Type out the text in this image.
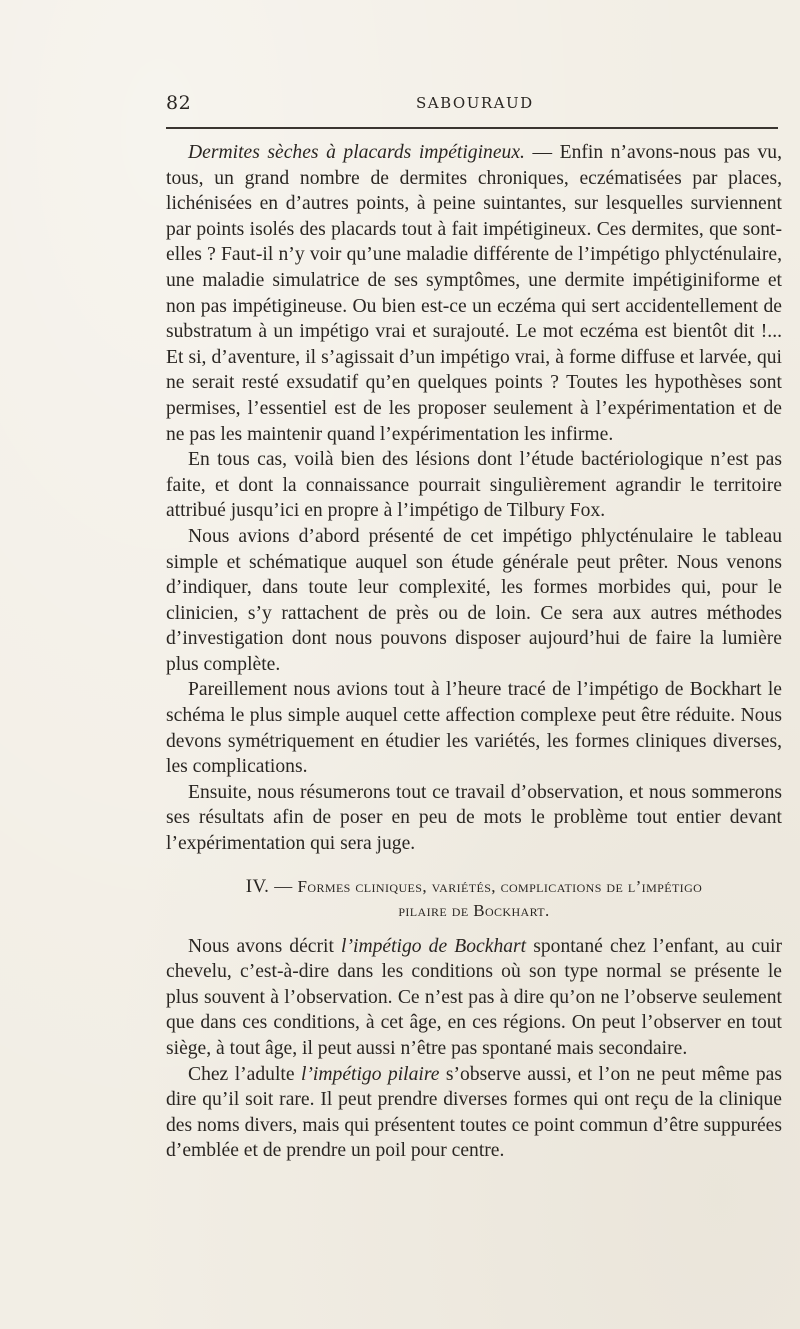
82	SABOURAUD

Dermites sèches à placards impétigineux. — Enfin n’avons-nous pas vu, tous, un grand nombre de dermites chroniques, eczématisées par places, lichénisées en d’autres points, à peine suintantes, sur lesquelles surviennent par points isolés des placards tout à fait impétigineux. Ces dermites, que sont-elles ? Faut-il n’y voir qu’une maladie différente de l’impétigo phlycténulaire, une maladie simulatrice de ses symptômes, une dermite impétiginiforme et non pas impétigineuse. Ou bien est-ce un eczéma qui sert accidentellement de substratum à un impétigo vrai et surajouté. Le mot eczéma est bientôt dit !... Et si, d’aventure, il s’agissait d’un impétigo vrai, à forme diffuse et larvée, qui ne serait resté exsudatif qu’en quelques points ? Toutes les hypothèses sont permises, l’essentiel est de les proposer seulement à l’expérimentation et de ne pas les maintenir quand l’expérimentation les infirme.

En tous cas, voilà bien des lésions dont l’étude bactériologique n’est pas faite, et dont la connaissance pourrait singulièrement agrandir le territoire attribué jusqu’ici en propre à l’impétigo de Tilbury Fox.

Nous avions d’abord présenté de cet impétigo phlycténulaire le tableau simple et schématique auquel son étude générale peut prêter. Nous venons d’indiquer, dans toute leur complexité, les formes morbides qui, pour le clinicien, s’y rattachent de près ou de loin. Ce sera aux autres méthodes d’investigation dont nous pouvons disposer aujourd’hui de faire la lumière plus complète.

Pareillement nous avions tout à l’heure tracé de l’impétigo de Bockhart le schéma le plus simple auquel cette affection complexe peut être réduite. Nous devons symétriquement en étudier les variétés, les formes cliniques diverses, les complications.

Ensuite, nous résumerons tout ce travail d’observation, et nous sommerons ses résultats afin de poser en peu de mots le problème tout entier devant l’expérimentation qui sera juge.

IV. — Formes cliniques, variétés, complications de l’impétigo
pilaire de Bockhart.

Nous avons décrit l’impétigo de Bockhart spontané chez l’enfant, au cuir chevelu, c’est-à-dire dans les conditions où son type normal se présente le plus souvent à l’observation. Ce n’est pas à dire qu’on ne l’observe seulement que dans ces conditions, à cet âge, en ces régions. On peut l’observer en tout siège, à tout âge, il peut aussi n’être pas spontané mais secondaire.

Chez l’adulte l’impétigo pilaire s’observe aussi, et l’on ne peut même pas dire qu’il soit rare. Il peut prendre diverses formes qui ont reçu de la clinique des noms divers, mais qui présentent toutes ce point commun d’être suppurées d’emblée et de prendre un poil pour centre.
